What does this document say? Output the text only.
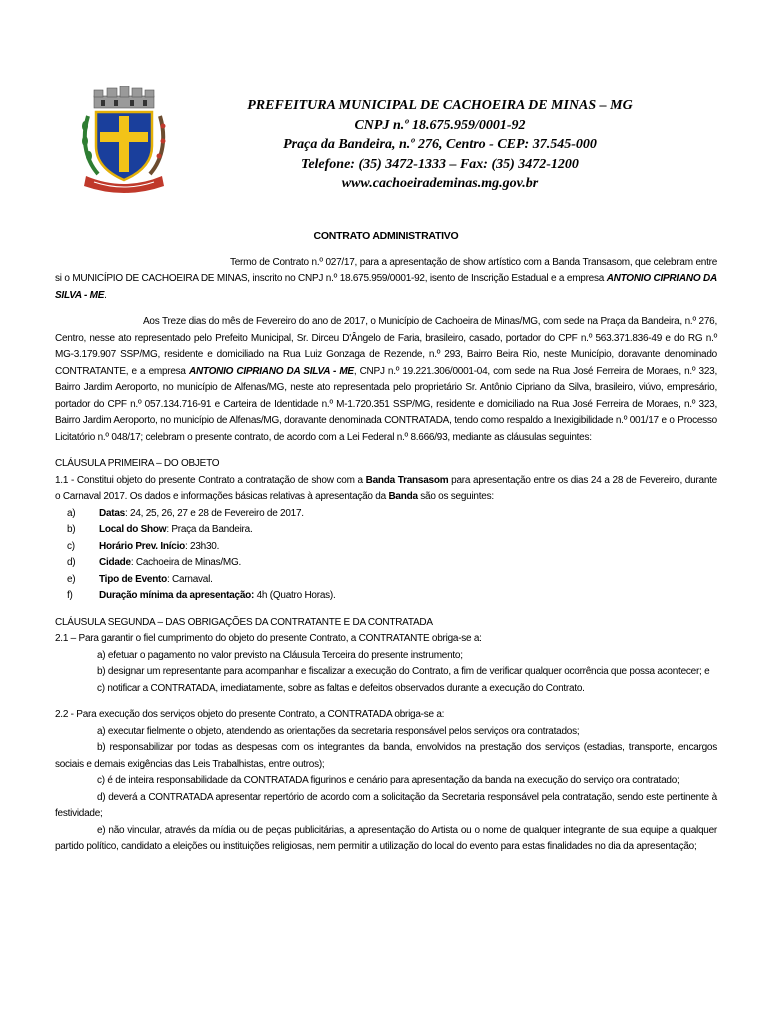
PREFEITURA MUNICIPAL DE CACHOEIRA DE MINAS – MG
CNPJ n.º 18.675.959/0001-92
Praça da Bandeira, n.º 276, Centro - CEP: 37.545-000
Telefone: (35) 3472-1333 – Fax: (35) 3472-1200
www.cachoeirademinas.mg.gov.br
CONTRATO ADMINISTRATIVO

Termo de Contrato n.º 027/17, para a apresentação de show artístico com a Banda Transasom, que celebram entre si o MUNICÍPIO DE CACHOEIRA DE MINAS, inscrito no CNPJ n.º 18.675.959/0001-92, isento de Inscrição Estadual e a empresa ANTONIO CIPRIANO DA SILVA - ME.

Aos Treze dias do mês de Fevereiro do ano de 2017, o Município de Cachoeira de Minas/MG, com sede na Praça da Bandeira, n.º 276, Centro, nesse ato representado pelo Prefeito Municipal, Sr. Dirceu D'Ângelo de Faria, brasileiro, casado, portador do CPF n.º 563.371.836-49 e do RG n.º MG-3.179.907 SSP/MG, residente e domiciliado na Rua Luiz Gonzaga de Rezende, n.º 293, Bairro Beira Rio, neste Município, doravante denominado CONTRATANTE, e a empresa ANTONIO CIPRIANO DA SILVA - ME, CNPJ n.º 19.221.306/0001-04, com sede na Rua José Ferreira de Moraes, n.º 323, Bairro Jardim Aeroporto, no município de Alfenas/MG, neste ato representada pelo proprietário Sr. Antônio Cipriano da Silva, brasileiro, viúvo, empresário, portador do CPF n.º 057.134.716-91 e Carteira de Identidade n.º M-1.720.351 SSP/MG, residente e domiciliado na Rua José Ferreira de Moraes, n.º 323, Bairro Jardim Aeroporto, no município de Alfenas/MG, doravante denominada CONTRATADA, tendo como respaldo a Inexigibilidade n.º 001/17 e o Processo Licitatório n.º 048/17; celebram o presente contrato, de acordo com a Lei Federal n.º 8.666/93, mediante as cláusulas seguintes:

CLÁUSULA PRIMEIRA – DO OBJETO

1.1 - Constitui objeto do presente Contrato a contratação de show com a Banda Transasom para apresentação entre os dias 24 a 28 de Fevereiro, durante o Carnaval 2017. Os dados e informações básicas relativas à apresentação da Banda são os seguintes:

a)	Datas: 24, 25, 26, 27 e 28 de Fevereiro de 2017.
b)	Local do Show: Praça da Bandeira.
c)	Horário Prev. Início: 23h30.
d)	Cidade: Cachoeira de Minas/MG.
e)	Tipo de Evento: Carnaval.
f)	Duração mínima da apresentação: 4h (Quatro Horas).

CLÁUSULA SEGUNDA – DAS OBRIGAÇÕES DA CONTRATANTE E DA CONTRATADA

2.1 – Para garantir o fiel cumprimento do objeto do presente Contrato, a CONTRATANTE obriga-se a:

a) efetuar o pagamento no valor previsto na Cláusula Terceira do presente instrumento;

b) designar um representante para acompanhar e fiscalizar a execução do Contrato, a fim de verificar qualquer ocorrência que possa acontecer; e

c) notificar a CONTRATADA, imediatamente, sobre as faltas e defeitos observados durante a execução do Contrato.

2.2 - Para execução dos serviços objeto do presente Contrato, a CONTRATADA obriga-se a:

a) executar fielmente o objeto, atendendo as orientações da secretaria responsável pelos serviços ora contratados;

b) responsabilizar por todas as despesas com os integrantes da banda, envolvidos na prestação dos serviços (estadias, transporte, encargos sociais e demais exigências das Leis Trabalhistas, entre outros);

c) é de inteira responsabilidade da CONTRATADA figurinos e cenário para apresentação da banda na execução do serviço ora contratado;

d) deverá a CONTRATADA apresentar repertório de acordo com a solicitação da Secretaria responsável pela contratação, sendo este pertinente à festividade;

e) não vincular, através da mídia ou de peças publicitárias, a apresentação do Artista ou o nome de qualquer integrante de sua equipe a qualquer partido político, candidato a eleições ou instituições religiosas, nem permitir a utilização do local do evento para estas finalidades no dia da apresentação;
